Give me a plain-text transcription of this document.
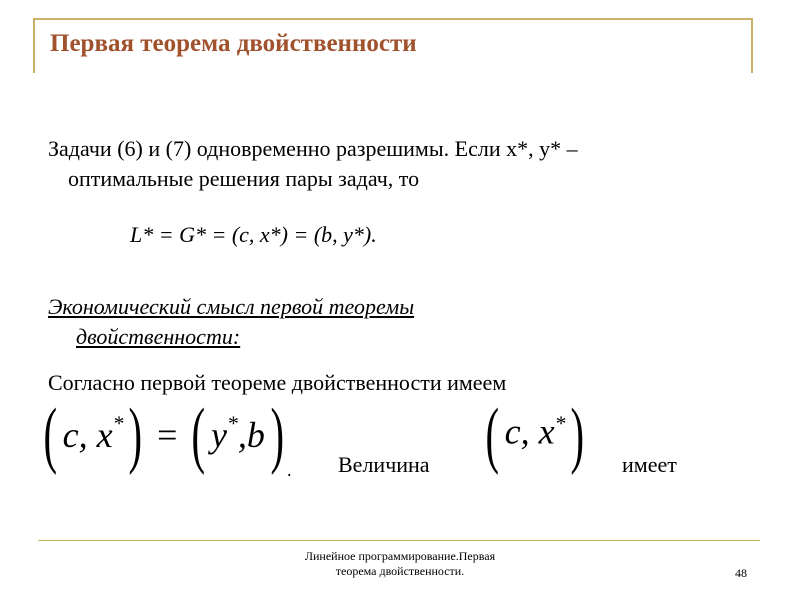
Первая теорема двойственности
Задачи (6) и (7) одновременно разрешимы. Если x*, y* –
оптимальные решения пары задач, то
L* = G* = (c, x*) = (b, y*).
Экономический смысл первой теоремы
двойственности:
Согласно первой теореме двойственности имеем
( c, x*) = ( y*,b) . Величина ( c, x*) имеет
Линейное программирование.Первая
теорема двойственности.	48
